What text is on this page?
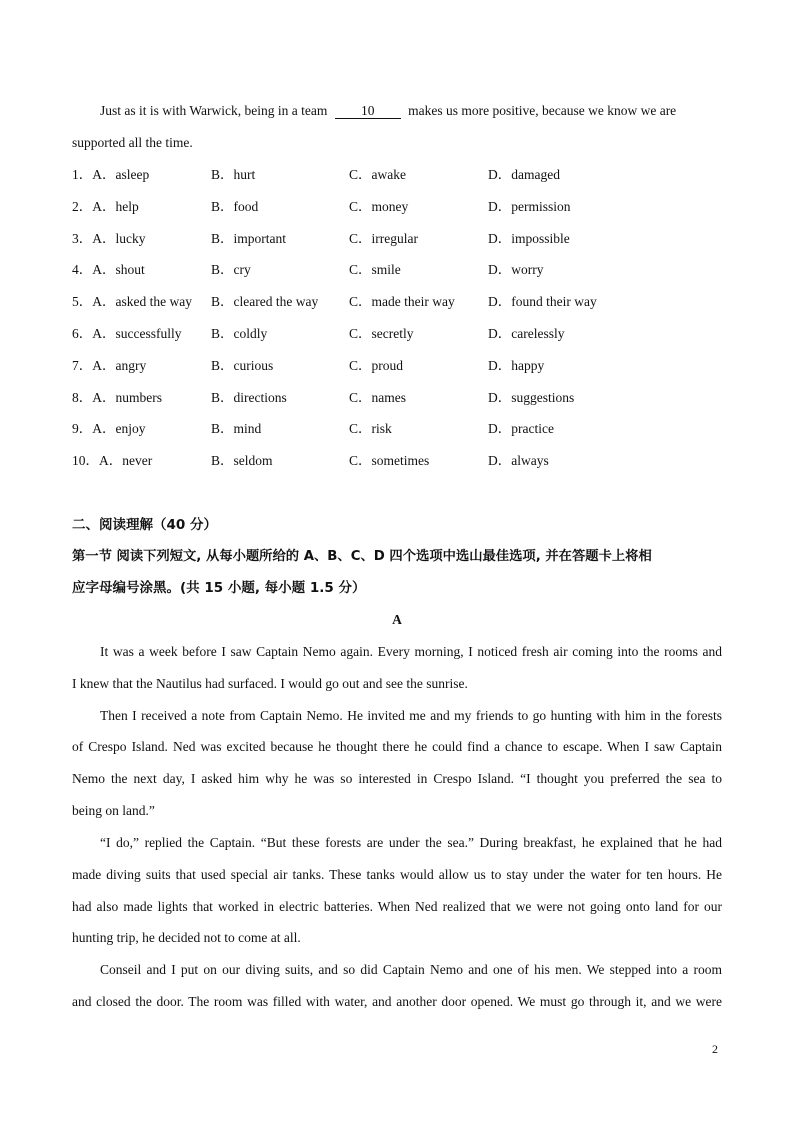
Just as it is with Warwick, being in a team 10 makes us more positive, because we know we are
supported all the time.
1．A．asleep	B．hurt	C．awake	D．damaged
2．A．help	B．food	C．money	D．permission
3．A．lucky	B．important	C．irregular	D．impossible
4．A．shout	B．cry	C．smile	D．worry
5．A．asked the way B．cleared the way C．made their way D．found their way
6．A．successfully B．coldly	C．secretly	D．carelessly
7．A．angry	B．curious	C．proud	D．happy
8．A．numbers	B．directions	C．names	D．suggestions
9．A．enjoy	B．mind	C．risk	D．practice
10．A．never	B．seldom	C．sometimes	D．always
二、阅读理解（40 分）
第一节 阅读下列短文, 从每小题所给的 A、B、C、D 四个选项中选山最佳选项, 并在答题卡上将相
应字母编号涂黑。(共 15 小题, 每小题 1.5 分）
A
It was a week before I saw Captain Nemo again. Every morning, I noticed fresh air coming into the rooms and
I knew that the Nautilus had surfaced. I would go out and see the sunrise.
Then I received a note from Captain Nemo. He invited me and my friends to go hunting with him in the forests
of Crespo Island. Ned was excited because he thought there he could find a chance to escape. When I saw Captain
Nemo the next day, I asked him why he was so interested in Crespo Island. “I thought you preferred the sea to
being on land.”
“I do,” replied the Captain. “But these forests are under the sea.” During breakfast, he explained that he had
made diving suits that used special air tanks. These tanks would allow us to stay under the water for ten hours. He
had also made lights that worked in electric batteries. When Ned realized that we were not going onto land for our
hunting trip, he decided not to come at all.
Conseil and I put on our diving suits, and so did Captain Nemo and one of his men. We stepped into a room
and closed the door. The room was filled with water, and another door opened. We must go through it, and we were
2
